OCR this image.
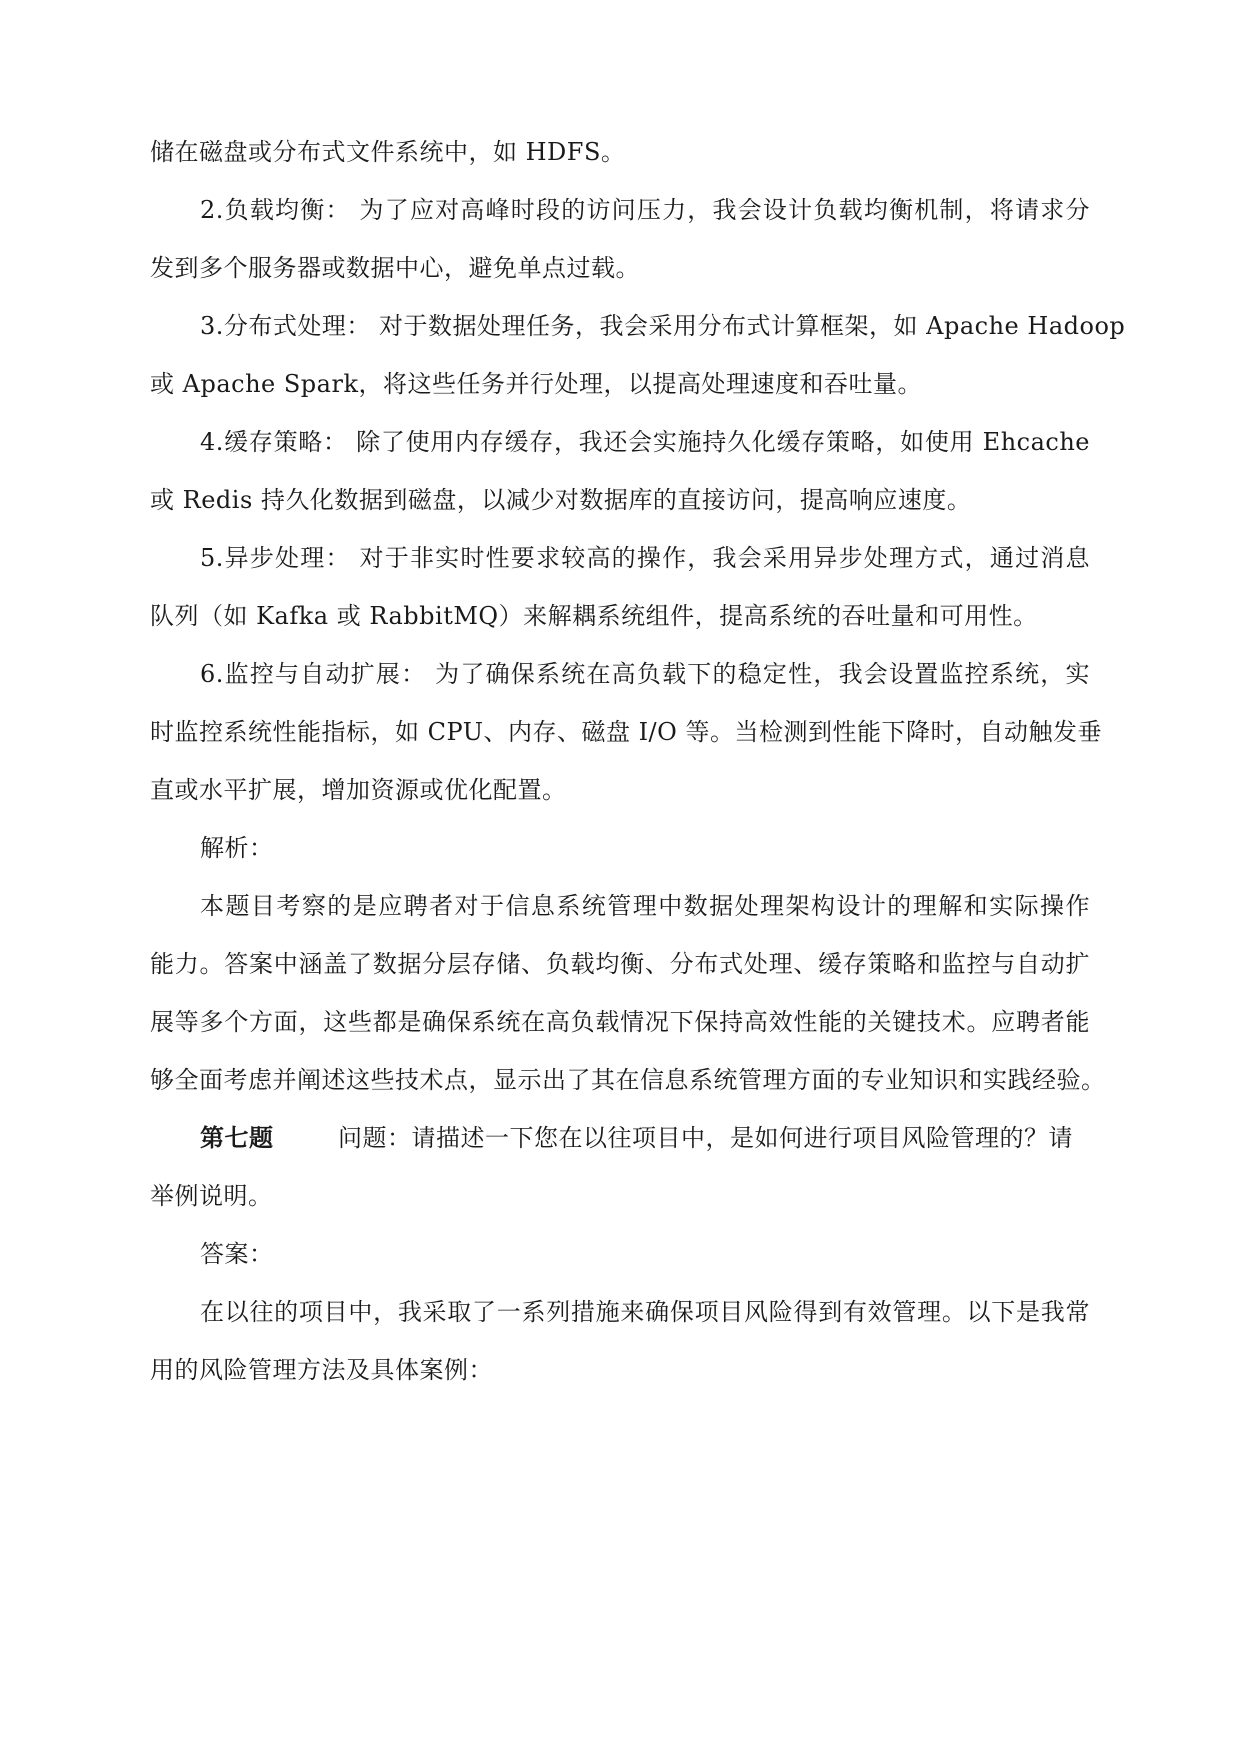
储在磁盘或分布式文件系统中，如 HDFS。
2.负载均衡： 为了应对高峰时段的访问压力，我会设计负载均衡机制，将请求分
发到多个服务器或数据中心，避免单点过载。
3.分布式处理： 对于数据处理任务，我会采用分布式计算框架，如 Apache Hadoop
或 Apache Spark，将这些任务并行处理，以提高处理速度和吞吐量。
4.缓存策略： 除了使用内存缓存，我还会实施持久化缓存策略，如使用 Ehcache
或 Redis 持久化数据到磁盘，以减少对数据库的直接访问，提高响应速度。
5.异步处理： 对于非实时性要求较高的操作，我会采用异步处理方式，通过消息
队列（如 Kafka 或 RabbitMQ）来解耦系统组件，提高系统的吞吐量和可用性。
6.监控与自动扩展： 为了确保系统在高负载下的稳定性，我会设置监控系统，实
时监控系统性能指标，如 CPU、内存、磁盘 I/O 等。当检测到性能下降时，自动触发垂
直或水平扩展，增加资源或优化配置。
解析：
本题目考察的是应聘者对于信息系统管理中数据处理架构设计的理解和实际操作
能力。答案中涵盖了数据分层存储、负载均衡、分布式处理、缓存策略和监控与自动扩
展等多个方面，这些都是确保系统在高负载情况下保持高效性能的关键技术。应聘者能
够全面考虑并阐述这些技术点，显示出了其在信息系统管理方面的专业知识和实践经验。
第七题	问题：请描述一下您在以往项目中，是如何进行项目风险管理的？请
举例说明。
答案：
在以往的项目中，我采取了一系列措施来确保项目风险得到有效管理。以下是我常
用的风险管理方法及具体案例：
